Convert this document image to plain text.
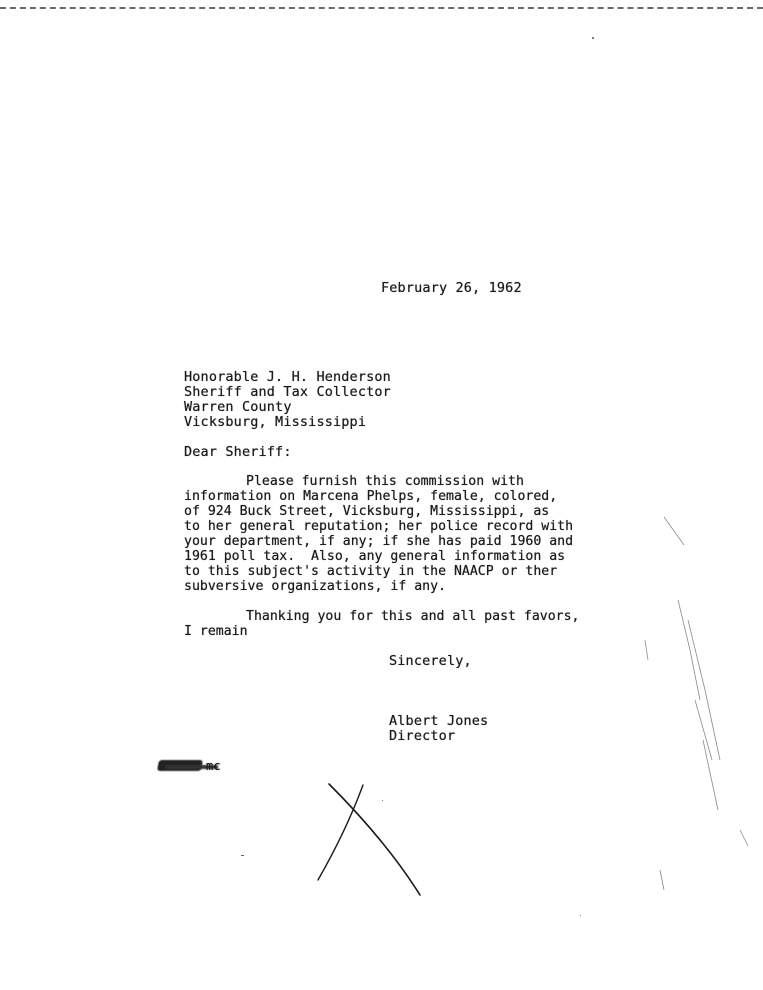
February 26, 1962
Honorable J. H. Henderson
Sheriff and Tax Collector
Warren County
Vicksburg, Mississippi
Dear Sheriff:
Please furnish this commission with
information on Marcena Phelps, female, colored,
of 924 Buck Street, Vicksburg, Mississippi, as
to her general reputation; her police record with
your department, if any; if she has paid 1960 and
1961 poll tax.  Also, any general information as
to this subject's activity in the NAACP or ther
subversive organizations, if any.
Thanking you for this and all past favors,
I remain
Sincerely,
Albert Jones
Director
mc
